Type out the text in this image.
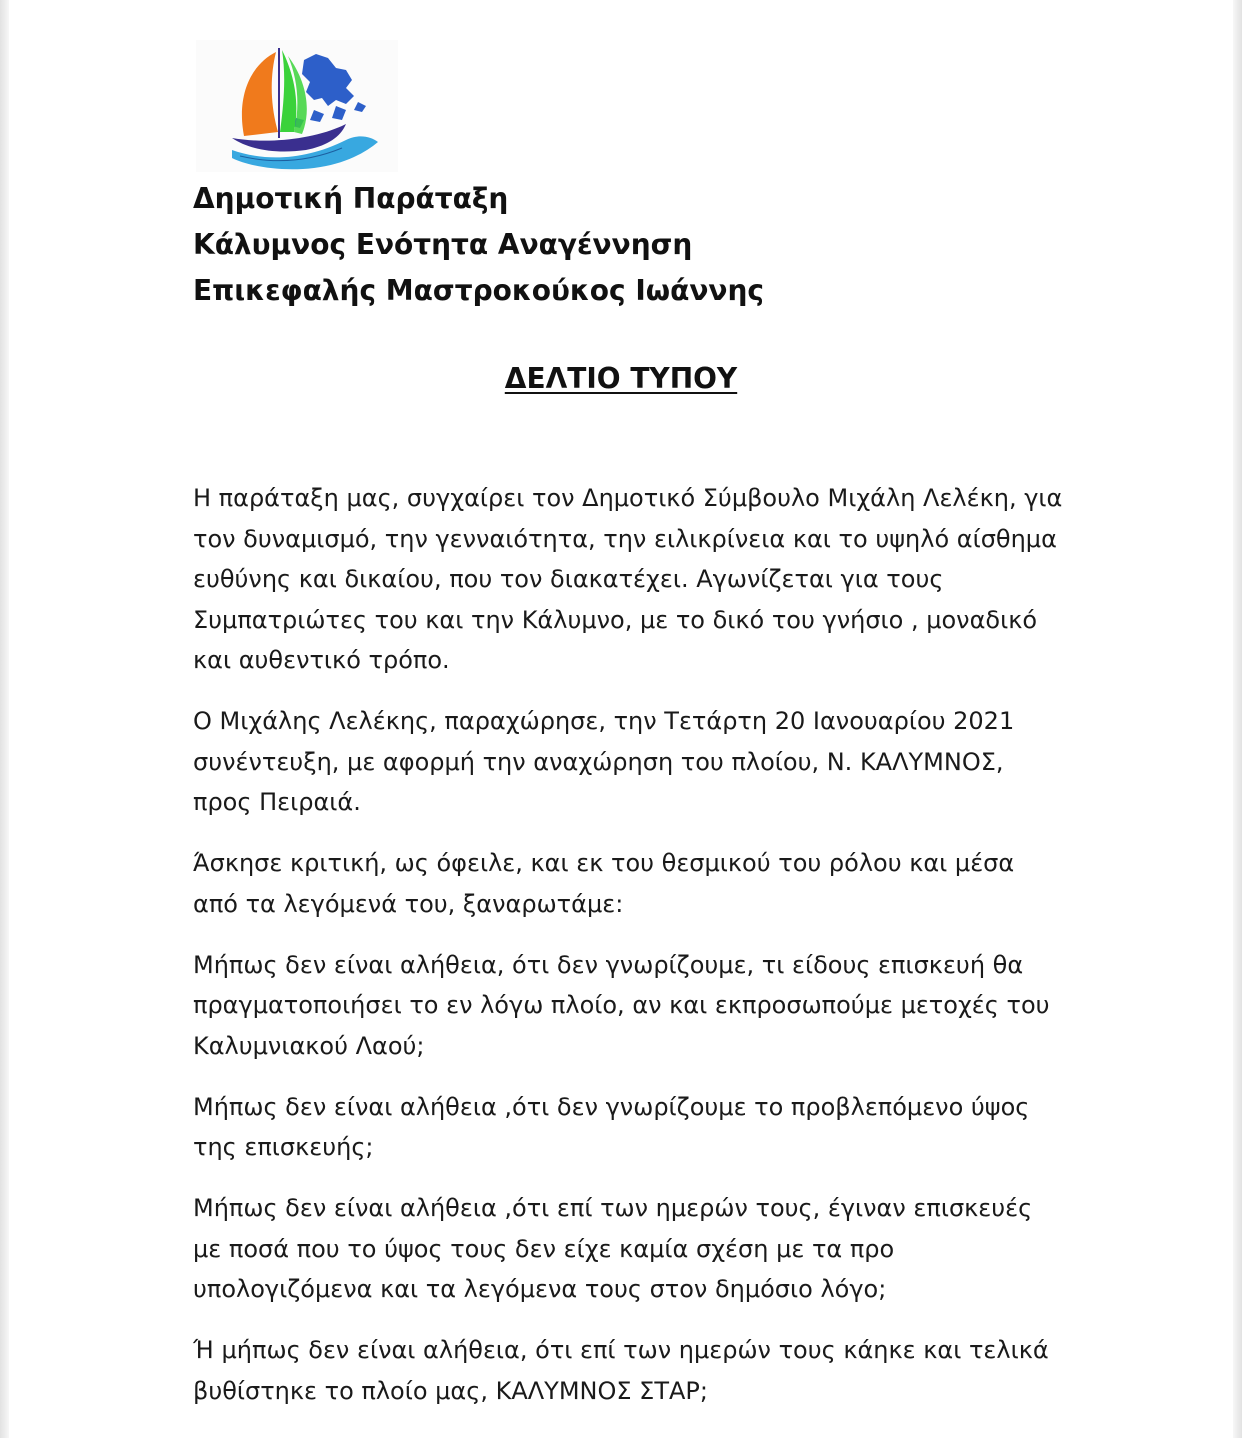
Δημοτική Παράταξη
Κάλυμνος Ενότητα Αναγέννηση
Επικεφαλής Μαστροκούκος Ιωάννης
ΔΕΛΤΙΟ ΤΥΠΟΥ

Η παράταξη μας, συγχαίρει τον Δημοτικό Σύμβουλο Μιχάλη Λελέκη, για
τον δυναμισμό, την γενναιότητα, την ειλικρίνεια και το υψηλό αίσθημα
ευθύνης και δικαίου, που τον διακατέχει. Αγωνίζεται για τους
Συμπατριώτες του και την Κάλυμνο, με το δικό του γνήσιο , μοναδικό
και αυθεντικό τρόπο.

Ο Μιχάλης Λελέκης, παραχώρησε, την Τετάρτη 20 Ιανουαρίου 2021
συνέντευξη, με αφορμή την αναχώρηση του πλοίου, Ν. ΚΑΛΥΜΝΟΣ,
προς Πειραιά.

Άσκησε κριτική, ως όφειλε, και εκ του θεσμικού του ρόλου και μέσα
από τα λεγόμενά του, ξαναρωτάμε:

Μήπως δεν είναι αλήθεια, ότι δεν γνωρίζουμε, τι είδους επισκευή θα
πραγματοποιήσει το εν λόγω πλοίο, αν και εκπροσωπούμε μετοχές του
Καλυμνιακού Λαού;

Μήπως δεν είναι αλήθεια ,ότι δεν γνωρίζουμε το προβλεπόμενο ύψος
της επισκευής;

Μήπως δεν είναι αλήθεια ,ότι επί των ημερών τους, έγιναν επισκευές
με ποσά που το ύψος τους δεν είχε καμία σχέση με τα προ
υπολογιζόμενα και τα λεγόμενα τους στον δημόσιο λόγο;

Ή μήπως δεν είναι αλήθεια, ότι επί των ημερών τους κάηκε και τελικά
βυθίστηκε το πλοίο μας, ΚΑΛΥΜΝΟΣ ΣΤΑΡ;
